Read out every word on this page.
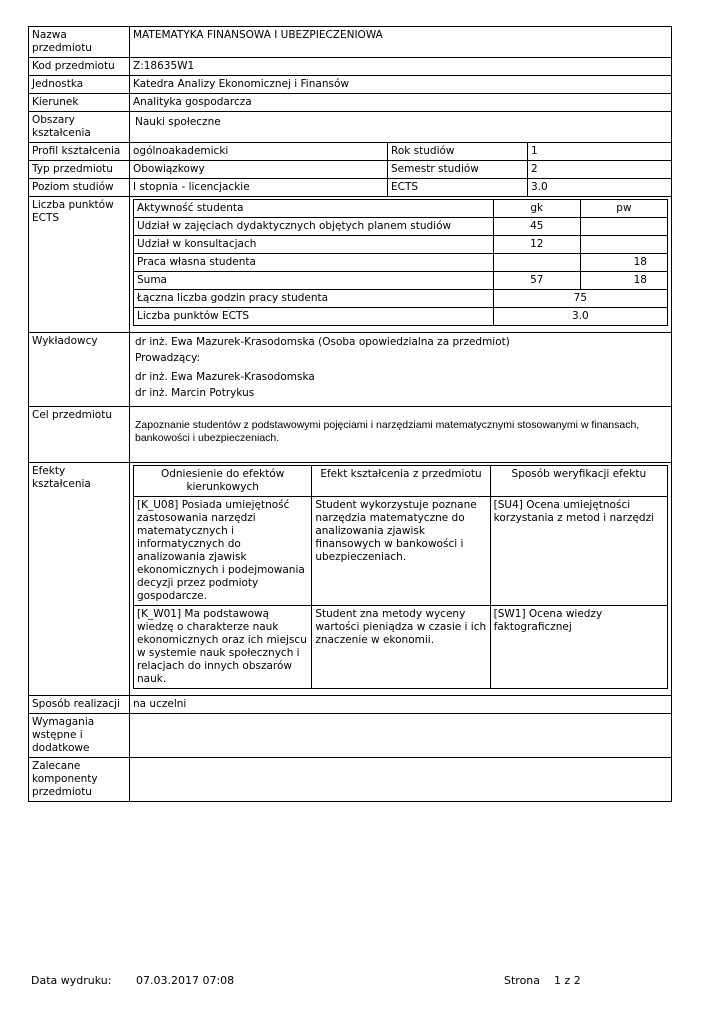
Nazwa przedmiotu	MATEMATYKA FINANSOWA I UBEZPIECZENIOWA
Kod przedmiotu	Z:18635W1
Jednostka	Katedra Analizy Ekonomicznej i Finansów
Kierunek	Analityka gospodarcza
Obszary kształcenia	Nauki społeczne
Profil kształcenia	ogólnoakademicki	Rok studiów	1
Typ przedmiotu	Obowiązkowy	Semestr studiów	2
Poziom studiów	I stopnia - licencjackie	ECTS	3.0
Liczba punktów ECTS	
Aktywność studenta	gk	pw
Udział w zajęciach dydaktycznych objętych planem studiów	45	
Udział w konsultacjach	12	
Praca własna studenta		18
Suma	57	18
Łączna liczba godzin pracy studenta	75
Liczba punktów ECTS	3.0

Wykładowcy	dr inż. Ewa Mazurek-Krasodomska (Osoba opowiedzialna za przedmiot)
Prowadzący:
dr inż. Ewa Mazurek-Krasodomska
dr inż. Marcin Potrykus

Cel przedmiotu	Zapoznanie studentów z podstawowymi pojęciami i narzędziami matematycznymi stosowanymi w finansach, bankowości i ubezpieczeniach.
Efekty kształcenia	
Odniesienie do efektów kierunkowych	Efekt kształcenia z przedmiotu	Sposób weryfikacji efektu
[K_U08] Posiada umiejętność zastosowania narzędzi matematycznych i informatycznych do analizowania zjawisk ekonomicznych i podejmowania decyzji przez podmioty gospodarcze.	Student wykorzystuje poznane narzędzia matematyczne do analizowania zjawisk finansowych w bankowości i ubezpieczeniach.	[SU4] Ocena umiejętności korzystania z metod i narzędzi
[K_W01] Ma podstawową wiedzę o charakterze nauk ekonomicznych oraz ich miejscu w systemie nauk społecznych i relacjach do innych obszarów nauk.	Student zna metody wyceny wartości pieniądza w czasie i ich znaczenie w ekonomii.	[SW1] Ocena wiedzy faktograficznej

Sposób realizacji	na uczelni
Wymagania wstępne i dodatkowe	
Zalecane komponenty przedmiotu	
Data wydruku: 07.03.2017 07:08	Strona 1 z 2
